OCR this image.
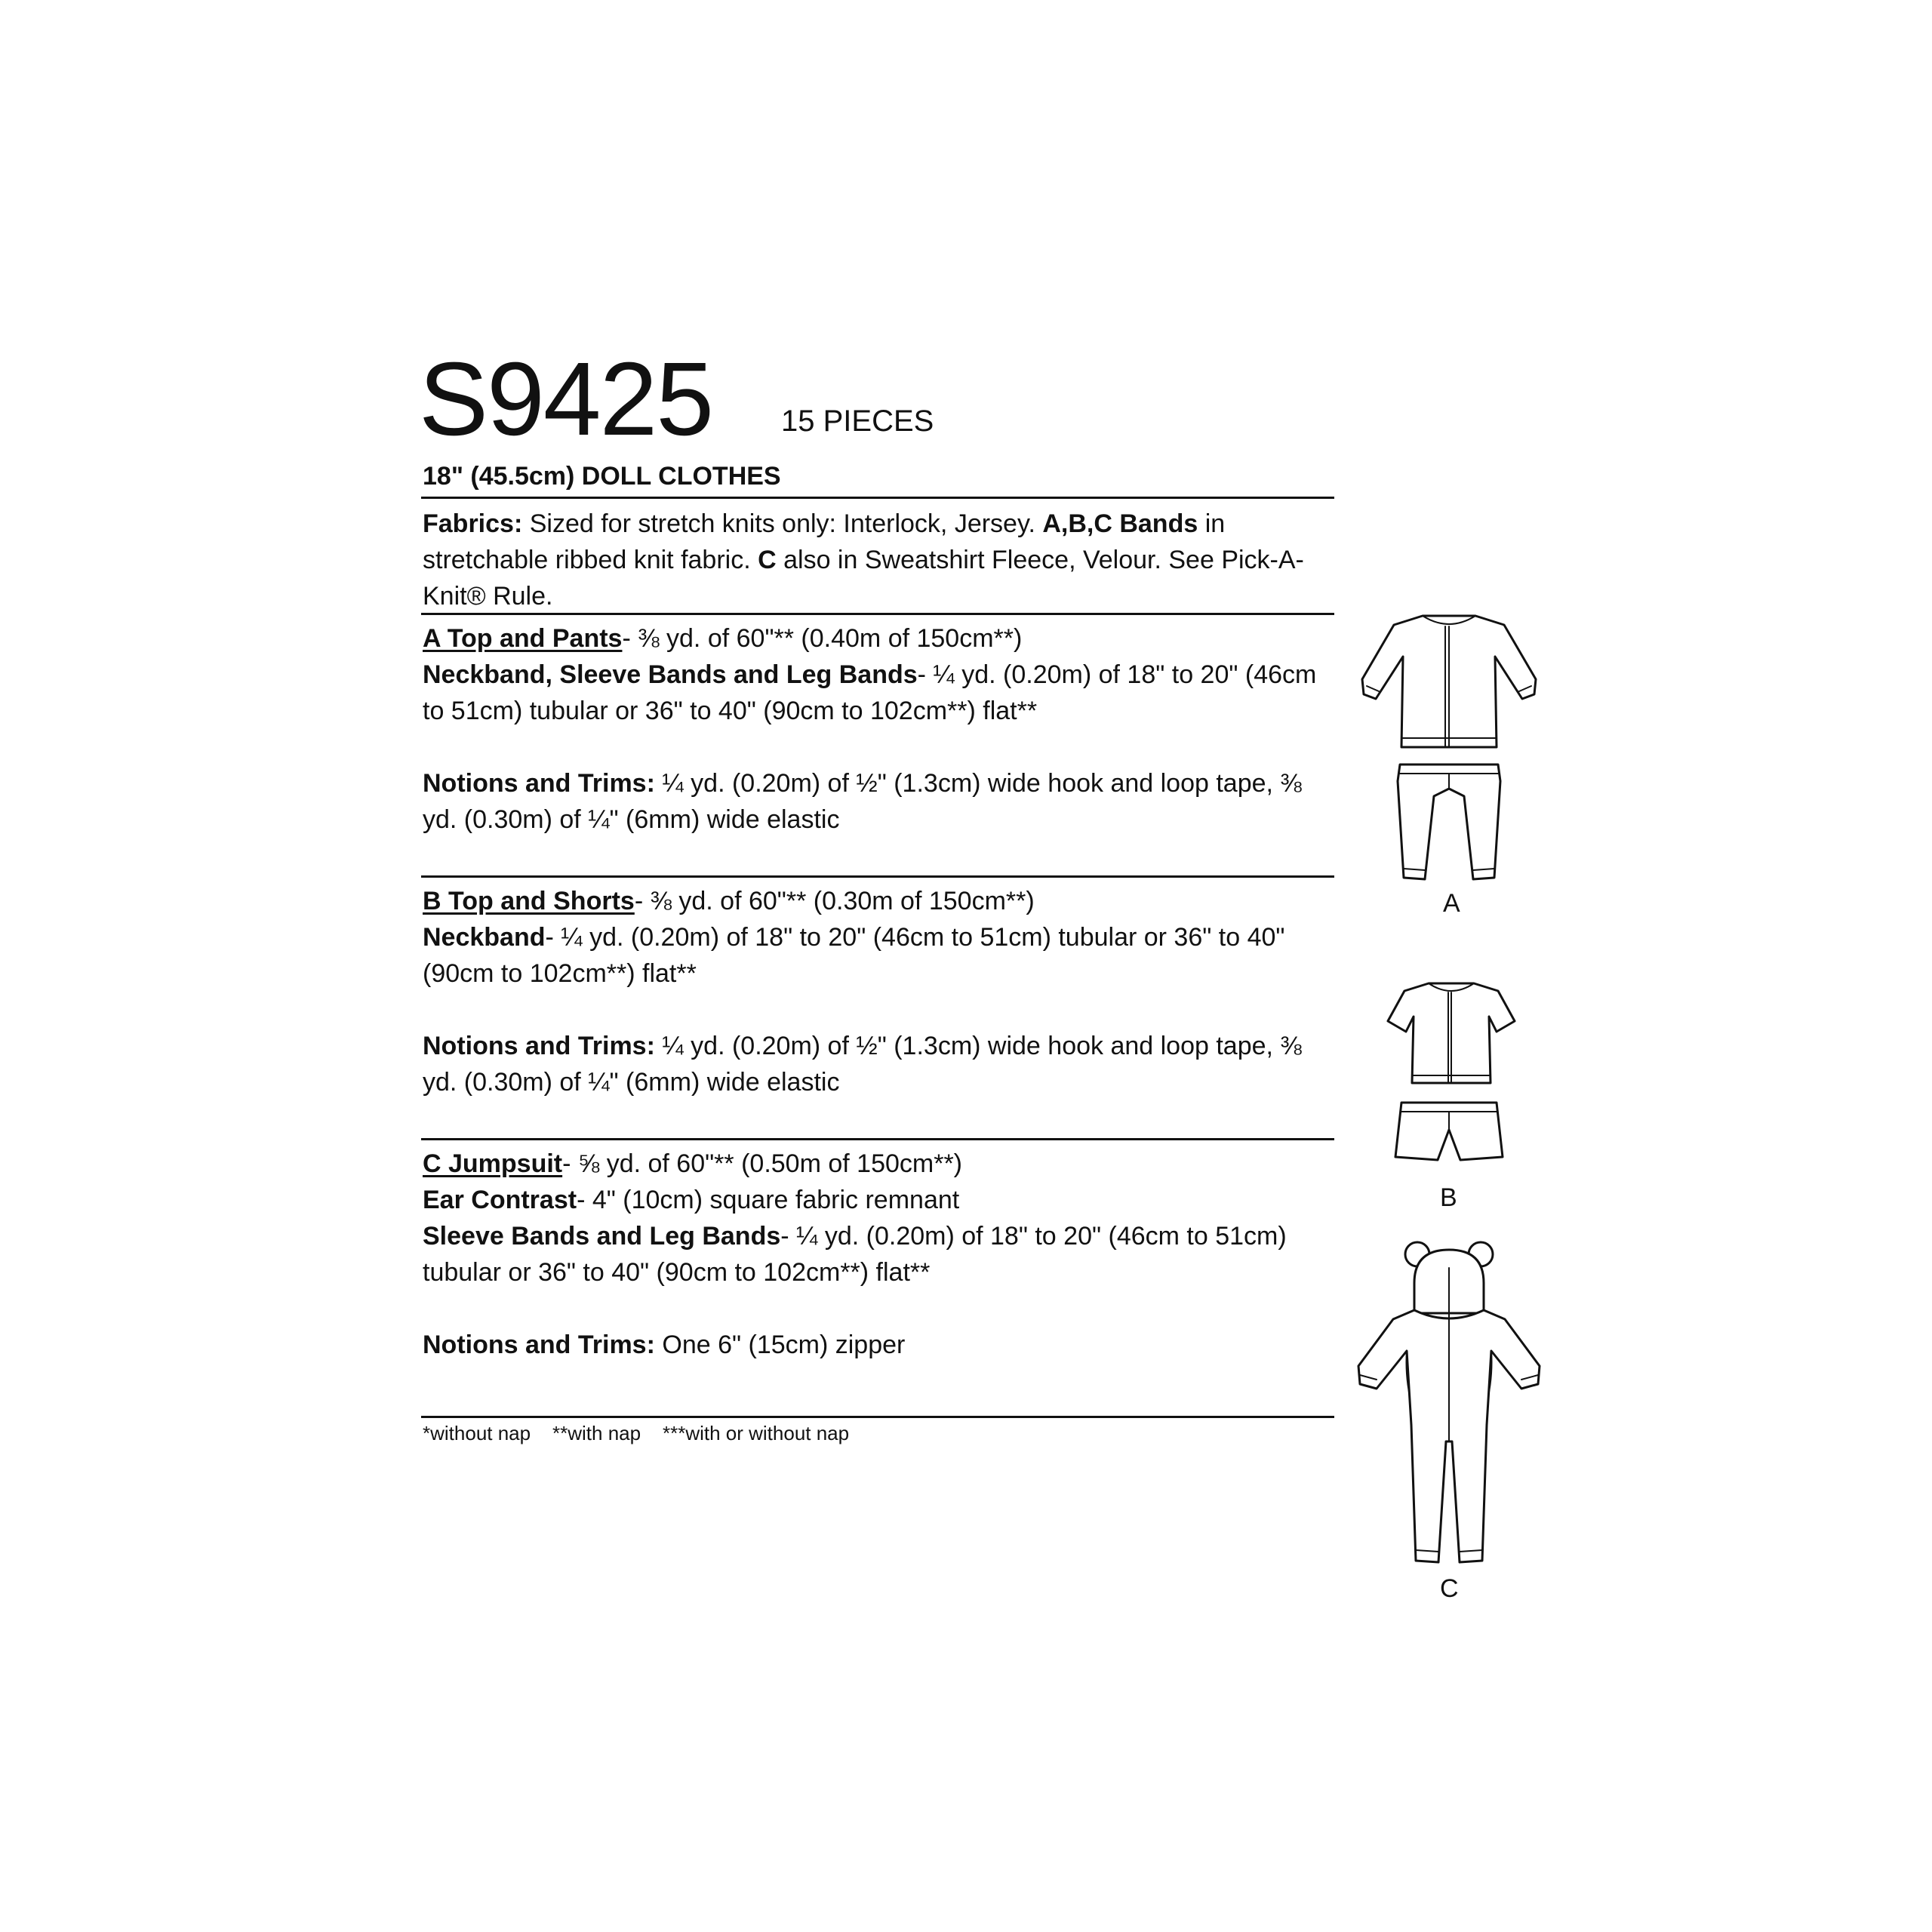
S9425 15 PIECES
18" (45.5cm) DOLL CLOTHES

Fabrics: Sized for stretch knits only: Interlock, Jersey. A,B,C Bands in stretchable ribbed knit fabric. C also in Sweatshirt Fleece, Velour. See Pick-A-Knit® Rule.

A Top and Pants- ⅜ yd. of 60"** (0.40m of 150cm**)

Neckband, Sleeve Bands and Leg Bands- ¼ yd. (0.20m) of 18" to 20" (46cm to 51cm) tubular or 36" to 40" (90cm to 102cm**) flat**

Notions and Trims: ¼ yd. (0.20m) of ½" (1.3cm) wide hook and loop tape, ⅜ yd. (0.30m) of ¼" (6mm) wide elastic

B Top and Shorts- ⅜ yd. of 60"** (0.30m of 150cm**)

Neckband- ¼ yd. (0.20m) of 18" to 20" (46cm to 51cm) tubular or 36" to 40" (90cm to 102cm**) flat**

Notions and Trims: ¼ yd. (0.20m) of ½" (1.3cm) wide hook and loop tape, ⅜ yd. (0.30m) of ¼" (6mm) wide elastic

C Jumpsuit- ⅝ yd. of 60"** (0.50m of 150cm**)

Ear Contrast- 4" (10cm) square fabric remnant

Sleeve Bands and Leg Bands- ¼ yd. (0.20m) of 18" to 20" (46cm to 51cm) tubular or 36" to 40" (90cm to 102cm**) flat**

Notions and Trims: One 6" (15cm) zipper

*without nap    **with nap    ***with or without nap
A
B
C
